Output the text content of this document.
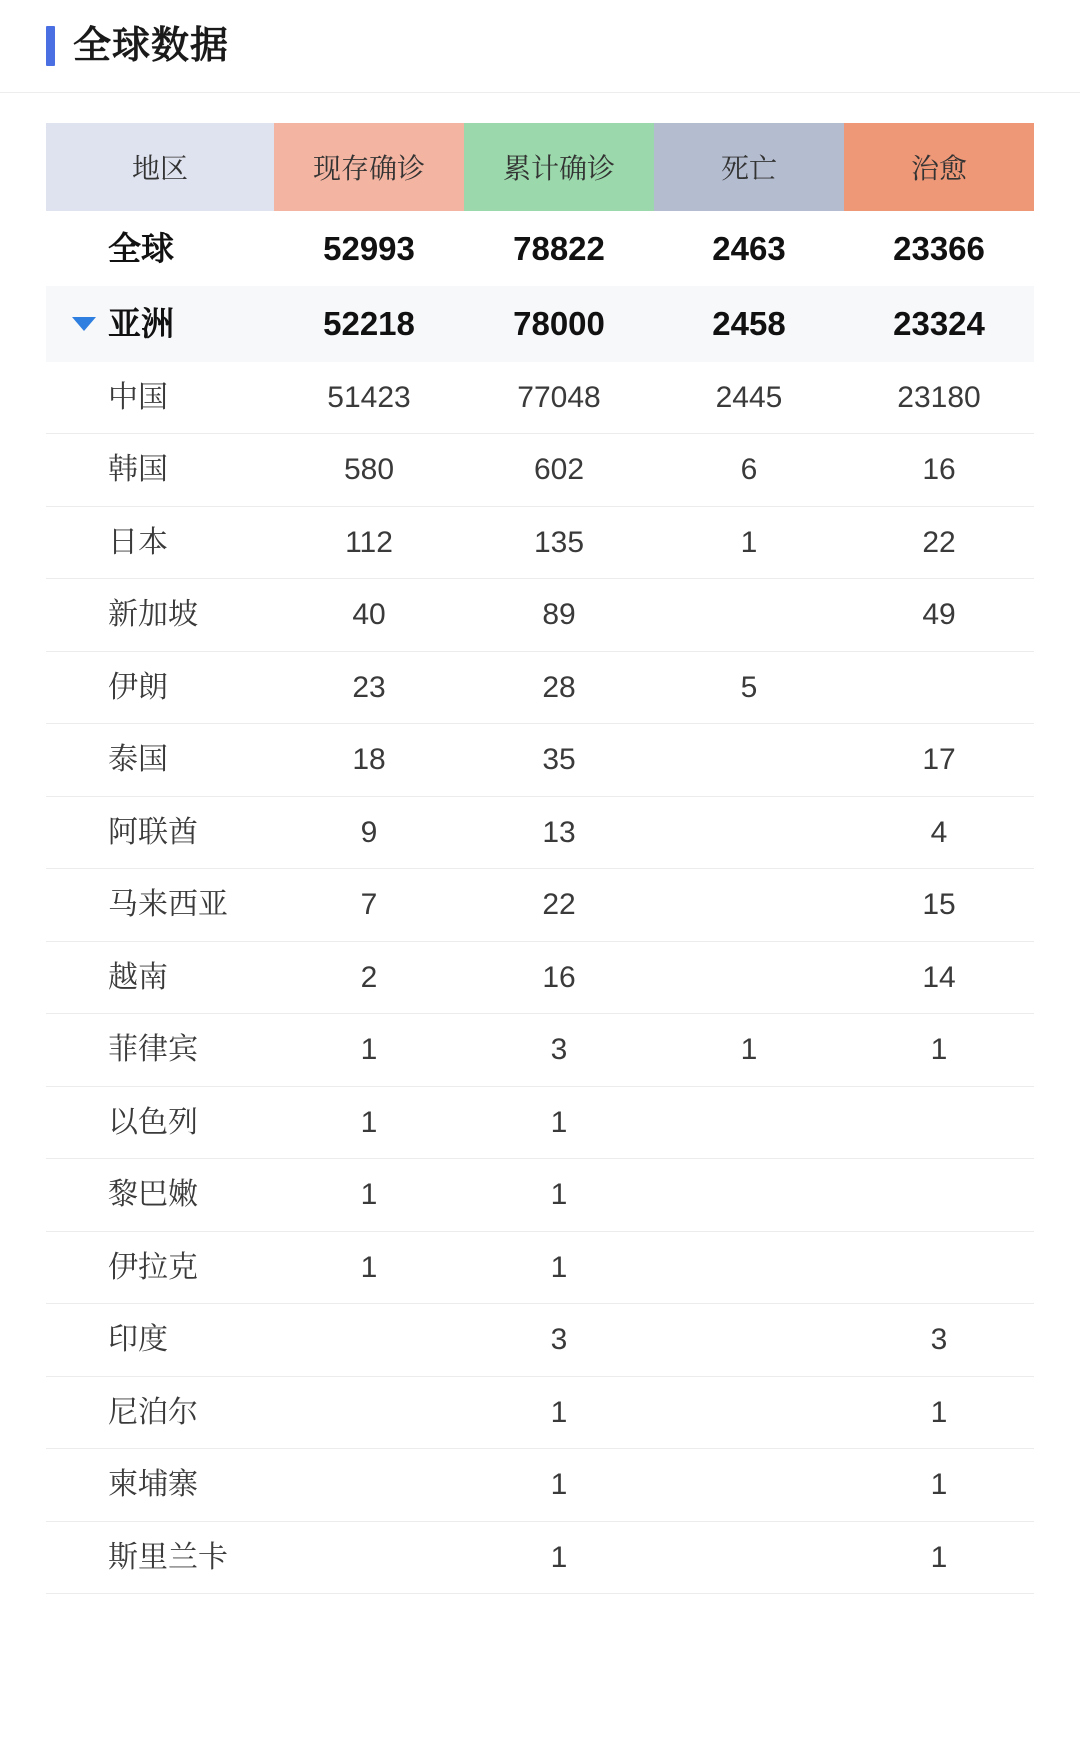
全球数据
地区	现存确诊	累计确诊	死亡	治愈
全球	52993	78822	2463	23366

亚洲	52218	78000	2458	23324
中国	51423	77048	2445	23180
韩国	580	602	6	16
日本	112	135	1	22
新加坡	40	89		49
伊朗	23	28	5	
泰国	18	35		17
阿联酋	9	13		4
马来西亚	7	22		15
越南	2	16		14
菲律宾	1	3	1	1
以色列	1	1		
黎巴嫩	1	1		
伊拉克	1	1		
印度		3		3
尼泊尔		1		1
柬埔寨		1		1
斯里兰卡		1		1
